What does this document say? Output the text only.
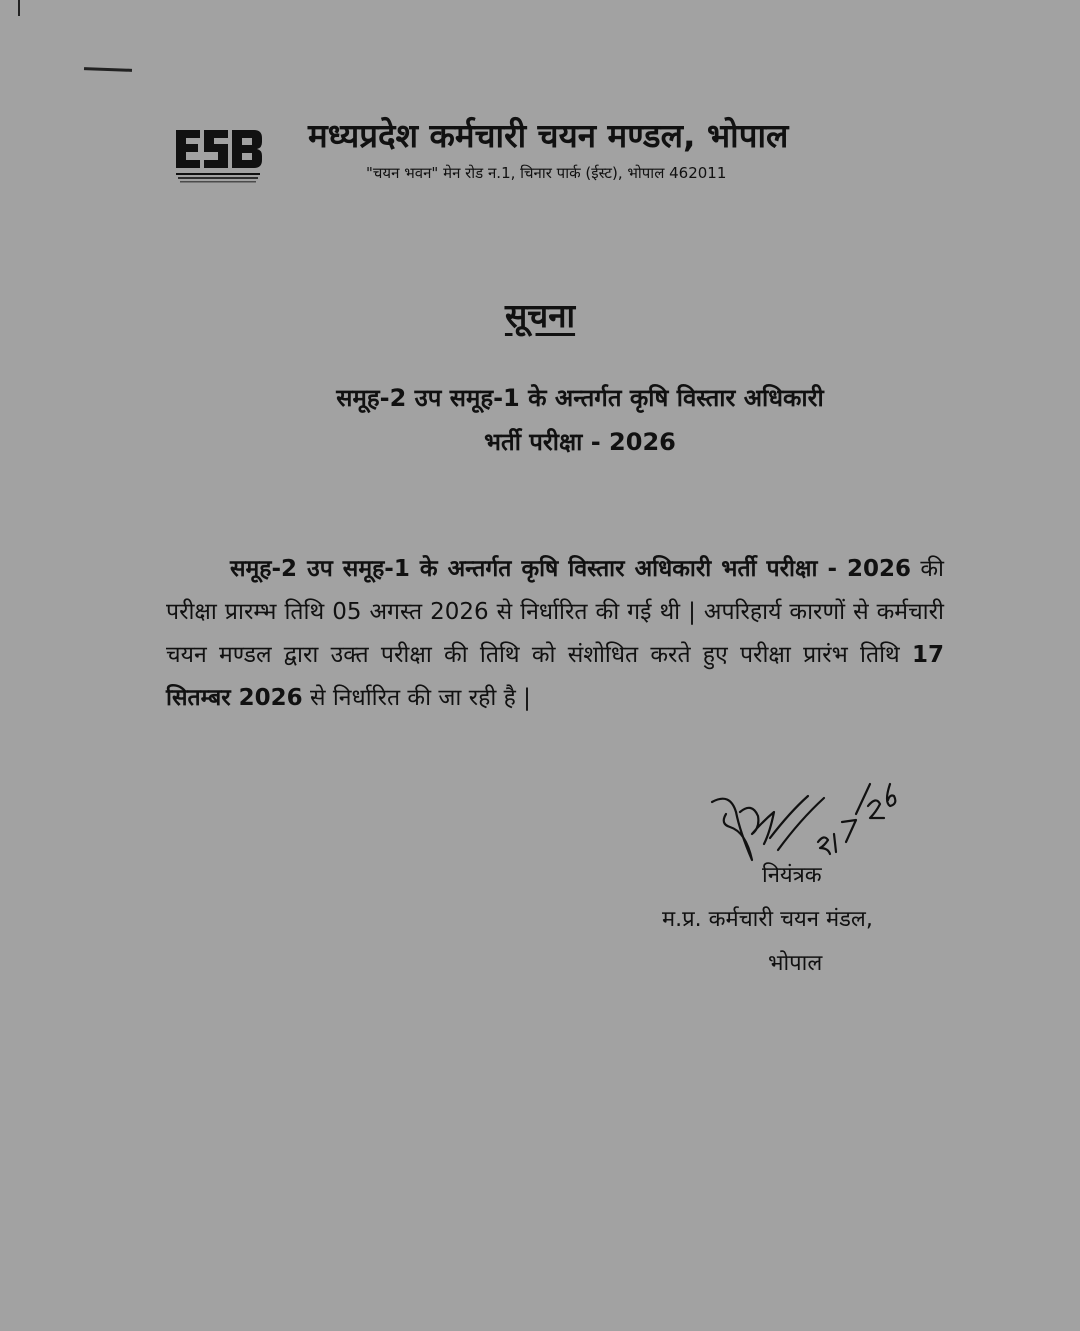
मध्यप्रदेश कर्मचारी चयन मण्डल, भोपाल
"चयन भवन" मेन रोड न.1, चिनार पार्क (ईस्ट), भोपाल 462011
सूचना
समूह-2 उप समूह-1 के अन्तर्गत कृषि विस्तार अधिकारी
भर्ती परीक्षा - 2026
समूह-2 उप समूह-1 के अन्तर्गत कृषि विस्तार अधिकारी भर्ती परीक्षा - 2026 की परीक्षा प्रारम्भ तिथि 05 अगस्त 2026 से निर्धारित की गई थी | अपरिहार्य कारणों से कर्मचारी चयन मण्डल द्वारा उक्त परीक्षा की तिथि को संशोधित करते हुए परीक्षा प्रारंभ तिथि 17 सितम्बर 2026 से निर्धारित की जा रही है |
नियंत्रक
म.प्र. कर्मचारी चयन मंडल,
भोपाल
